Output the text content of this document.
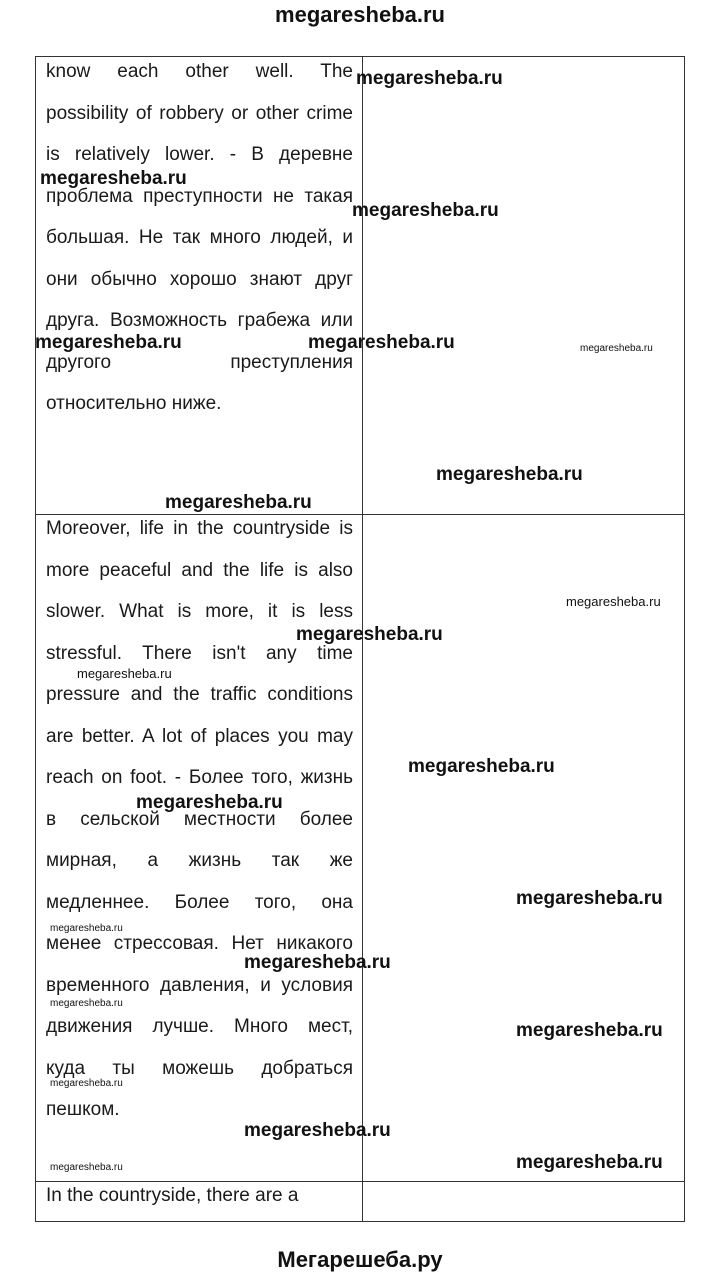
megaresheba.ru

know each other well. The possibility of robbery or other crime is relatively lower. - В деревне проблема преступности не такая большая. Не так много людей, и они обычно хорошо знают друг друга. Возможность грабежа или другого преступления относительно ниже.

Moreover, life in the countryside is more peaceful and the life is also slower. What is more, it is less stressful. There isn't any time pressure and the traffic conditions are better. A lot of places you may reach on foot. - Более того, жизнь в сельской местности более мирная, а жизнь так же медленнее. Более того, она менее стрессовая. Нет никакого временного давления, и условия движения лучше. Много мест, куда ты можешь добраться пешком.

In the countryside, there are a

megaresheba.ru
megaresheba.ru
megaresheba.ru
megaresheba.ru	megaresheba.ru	megaresheba.ru
megaresheba.ru
megaresheba.ru
megaresheba.ru
megaresheba.ru
megaresheba.ru
megaresheba.ru
megaresheba.ru
megaresheba.ru
megaresheba.ru
megaresheba.ru
megaresheba.ru
megaresheba.ru
megaresheba.ru
megaresheba.ru
megaresheba.ru
megaresheba.ru
Мегарешеба.ру
